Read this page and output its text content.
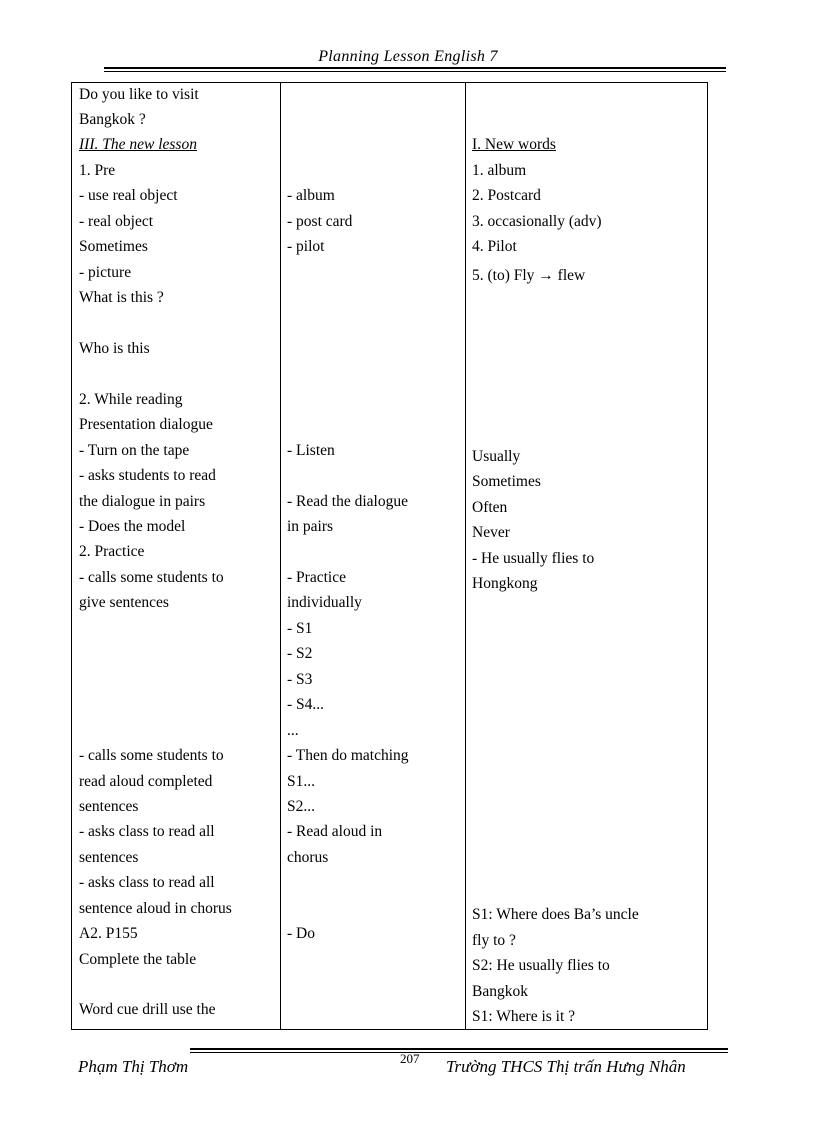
Planning Lesson English 7
Do you like to visit
Bangkok ?
III. The new lesson
1. Pre
- use real object
- real object
Sometimes
- picture
What is this ?
Who is this
2. While reading
Presentation dialogue
- Turn on the tape
- asks students to read
the dialogue in pairs
- Does the model
2. Practice
- calls some students to
give sentences
- calls some students to
read aloud completed
sentences
- asks class to read all
sentences
- asks class to read all
sentence aloud in chorus
A2. P155
Complete the table
Word cue drill use the
- album
- post card
- pilot
- Listen
- Read the dialogue
in pairs
- Practice
individually
- S1
- S2
- S3
- S4...
...
- Then do matching
S1...
S2...
- Read aloud in
chorus
- Do
I. New words
1. album
2. Postcard
3. occasionally (adv)
4. Pilot
5. (to) Fly → flew
Usually
Sometimes
Often
Never
- He usually flies to
Hongkong
S1: Where does Ba’s uncle
fly to ?
S2: He usually flies to
Bangkok
S1: Where is it ?
Phạm Thị Thơm	207 Trường THCS Thị trấn Hưng Nhân
